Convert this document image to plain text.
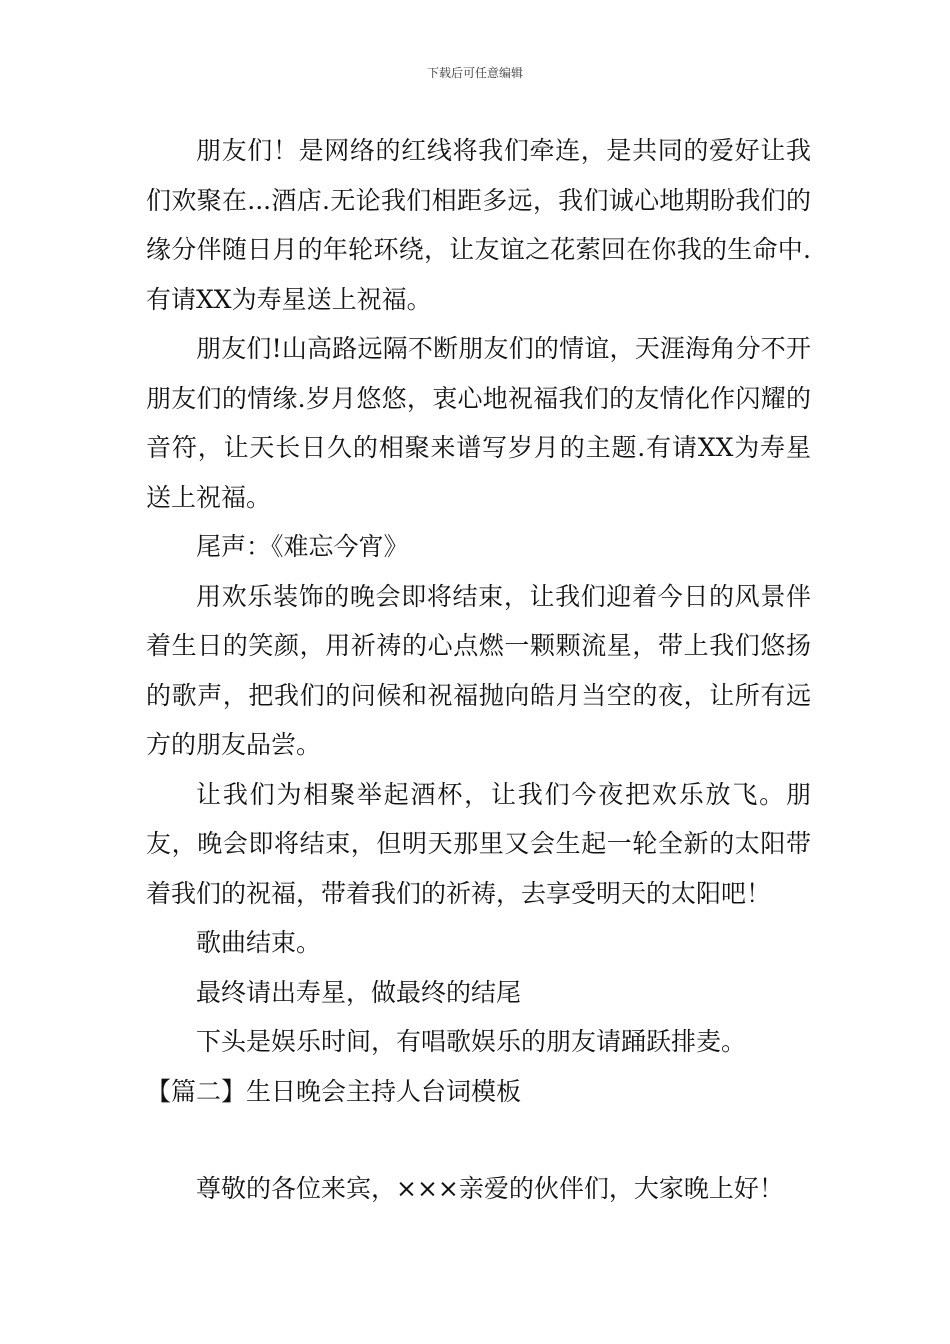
下载后可任意编辑

朋友们！是网络的红线将我们牵连，是共同的爱好让我们欢聚在...酒店.无论我们相距多远，我们诚心地期盼我们的缘分伴随日月的年轮环绕，让友谊之花萦回在你我的生命中.有请XX为寿星送上祝福。

朋友们!山高路远隔不断朋友们的情谊，天涯海角分不开朋友们的情缘.岁月悠悠，衷心地祝福我们的友情化作闪耀的音符，让天长日久的相聚来谱写岁月的主题.有请XX为寿星送上祝福。

尾声：《难忘今宵》

用欢乐装饰的晚会即将结束，让我们迎着今日的风景伴着生日的笑颜，用祈祷的心点燃一颗颗流星，带上我们悠扬的歌声，把我们的问候和祝福抛向皓月当空的夜，让所有远方的朋友品尝。

让我们为相聚举起酒杯，让我们今夜把欢乐放飞。朋友，晚会即将结束，但明天那里又会生起一轮全新的太阳带着我们的祝福，带着我们的祈祷，去享受明天的太阳吧！

歌曲结束。

最终请出寿星，做最终的结尾

下头是娱乐时间，有唱歌娱乐的朋友请踊跃排麦。

【篇二】生日晚会主持人台词模板

尊敬的各位来宾，×××亲爱的伙伴们，大家晚上好！
